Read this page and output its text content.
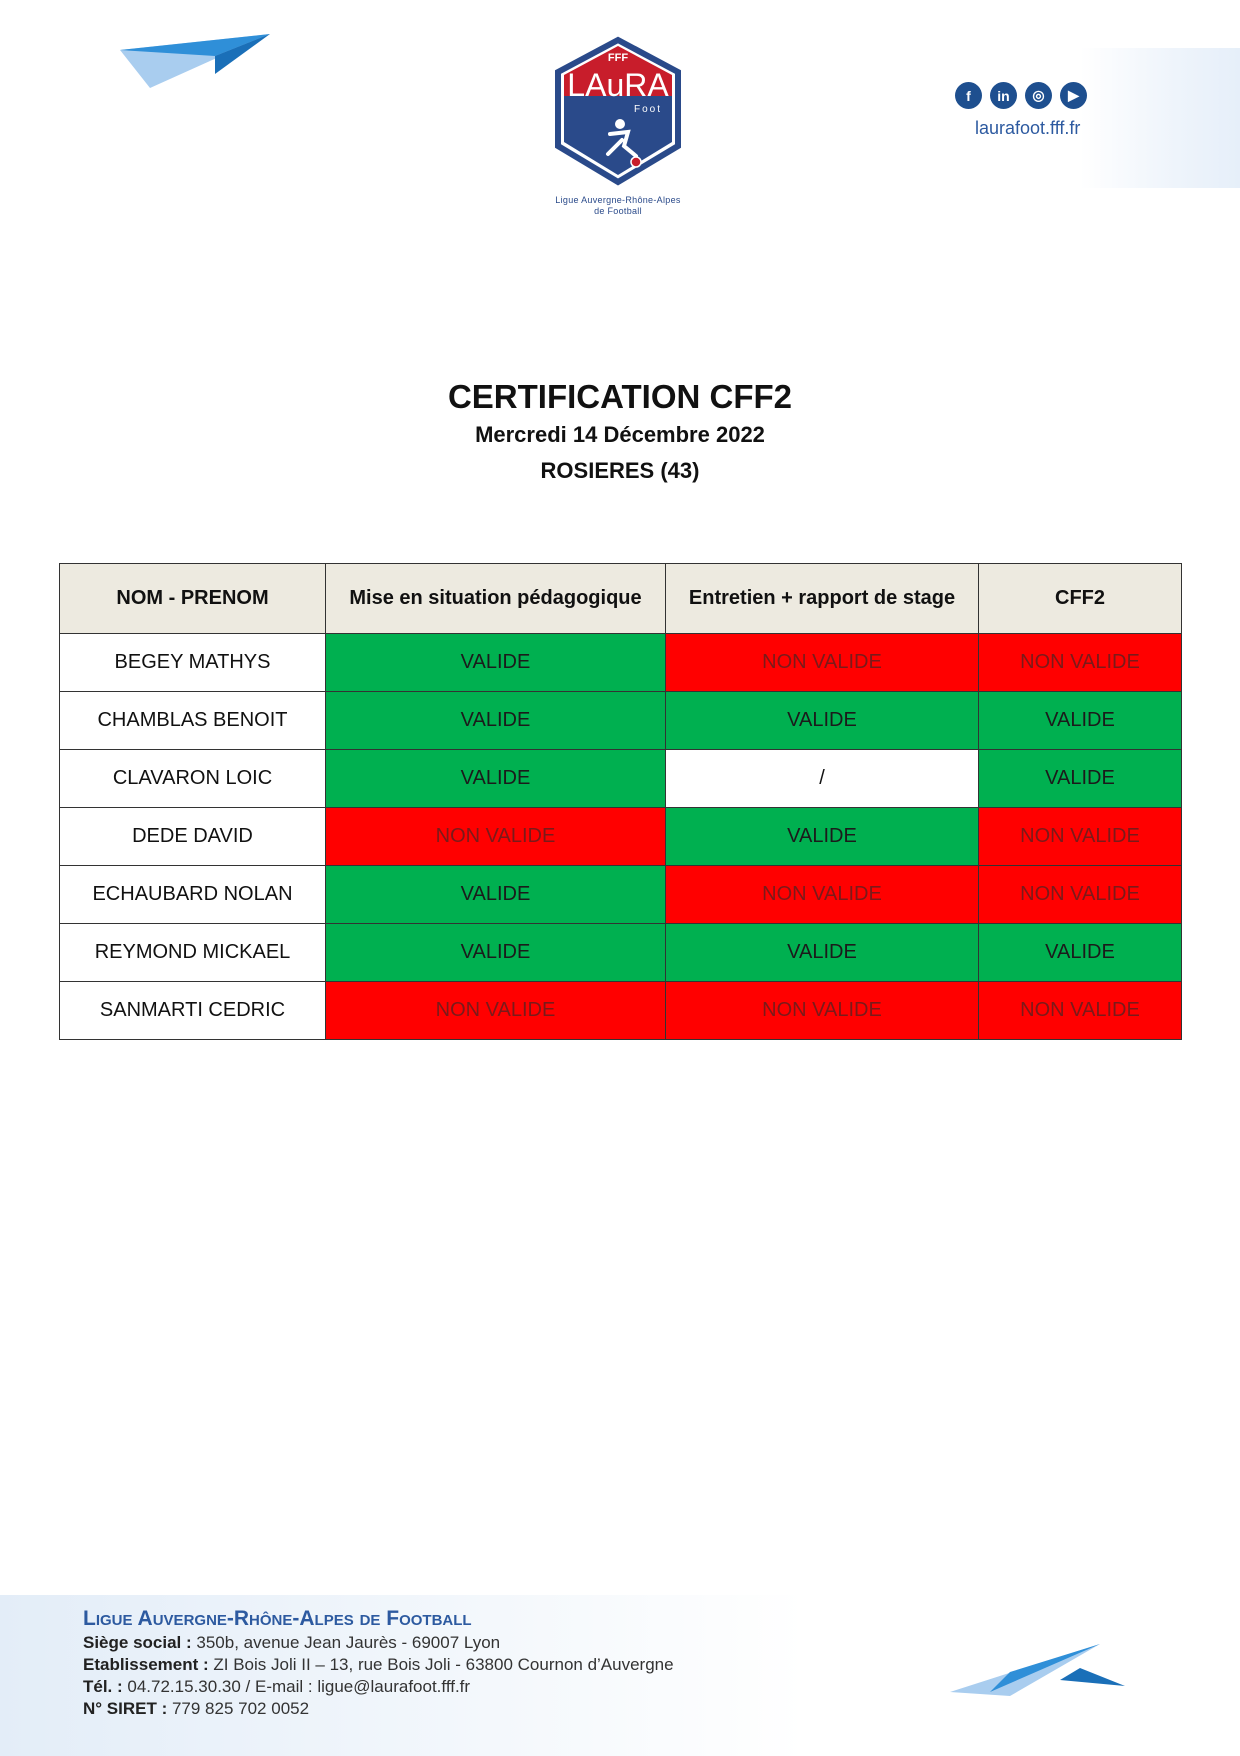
FFF
LAuRA
Foot
Ligue Auvergne-Rhône-Alpes
de Football
f	in	◎	▶
laurafoot.fff.fr
CERTIFICATION CFF2
Mercredi 14 Décembre 2022
ROSIERES (43)
NOM - PRENOM	Mise en situation pédagogique	Entretien + rapport de stage	CFF2
BEGEY MATHYS	VALIDE	NON VALIDE	NON VALIDE
CHAMBLAS BENOIT	VALIDE	VALIDE	VALIDE
CLAVARON LOIC	VALIDE	/	VALIDE
DEDE DAVID	NON VALIDE	VALIDE	NON VALIDE
ECHAUBARD NOLAN	VALIDE	NON VALIDE	NON VALIDE
REYMOND MICKAEL	VALIDE	VALIDE	VALIDE
SANMARTI CEDRIC	NON VALIDE	NON VALIDE	NON VALIDE
Ligue Auvergne-Rhône-Alpes de Football
Siège social : 350b, avenue Jean Jaurès - 69007 Lyon
Etablissement : ZI Bois Joli II – 13, rue Bois Joli - 63800 Cournon d’Auvergne
Tél. : 04.72.15.30.30 / E-mail : ligue@laurafoot.fff.fr
N° SIRET : 779 825 702 0052
